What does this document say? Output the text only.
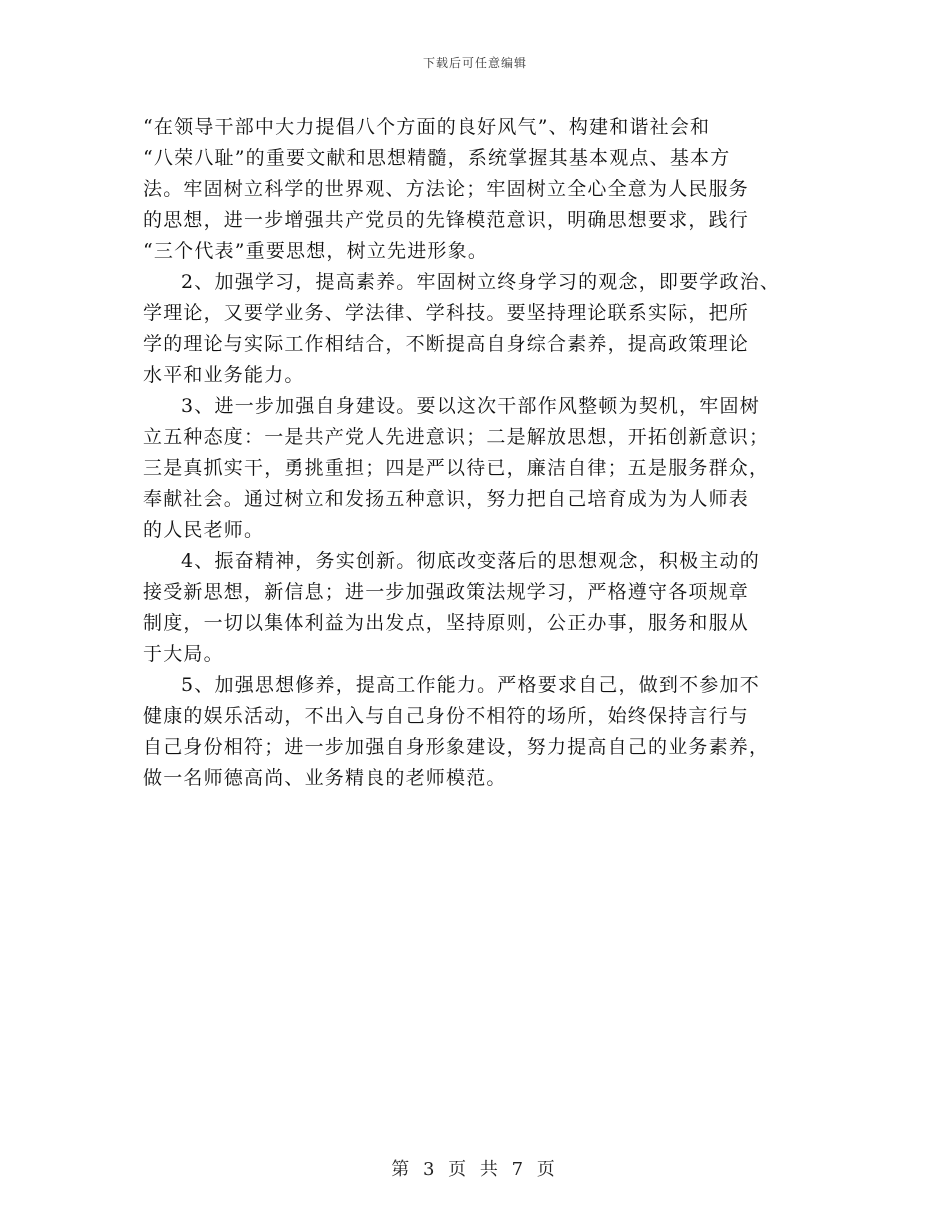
下载后可任意编辑
“在领导干部中大力提倡八个方面的良好风气”、构建和谐社会和
“八荣八耻”的重要文献和思想精髓，系统掌握其基本观点、基本方
法。牢固树立科学的世界观、方法论；牢固树立全心全意为人民服务
的思想，进一步增强共产党员的先锋模范意识，明确思想要求，践行
“三个代表”重要思想，树立先进形象。
2、加强学习，提高素养。牢固树立终身学习的观念，即要学政治、
学理论，又要学业务、学法律、学科技。要坚持理论联系实际，把所
学的理论与实际工作相结合，不断提高自身综合素养，提高政策理论
水平和业务能力。
3、进一步加强自身建设。要以这次干部作风整顿为契机，牢固树
立五种态度：一是共产党人先进意识；二是解放思想，开拓创新意识；
三是真抓实干，勇挑重担；四是严以待已，廉洁自律；五是服务群众，
奉献社会。通过树立和发扬五种意识，努力把自己培育成为为人师表
的人民老师。
4、振奋精神，务实创新。彻底改变落后的思想观念，积极主动的
接受新思想，新信息；进一步加强政策法规学习，严格遵守各项规章
制度，一切以集体利益为出发点，坚持原则，公正办事，服务和服从
于大局。
5、加强思想修养，提高工作能力。严格要求自己，做到不参加不
健康的娱乐活动，不出入与自己身份不相符的场所，始终保持言行与
自己身份相符；进一步加强自身形象建设，努力提高自己的业务素养，
做一名师德高尚、业务精良的老师模范。
第 3 页 共 7 页
